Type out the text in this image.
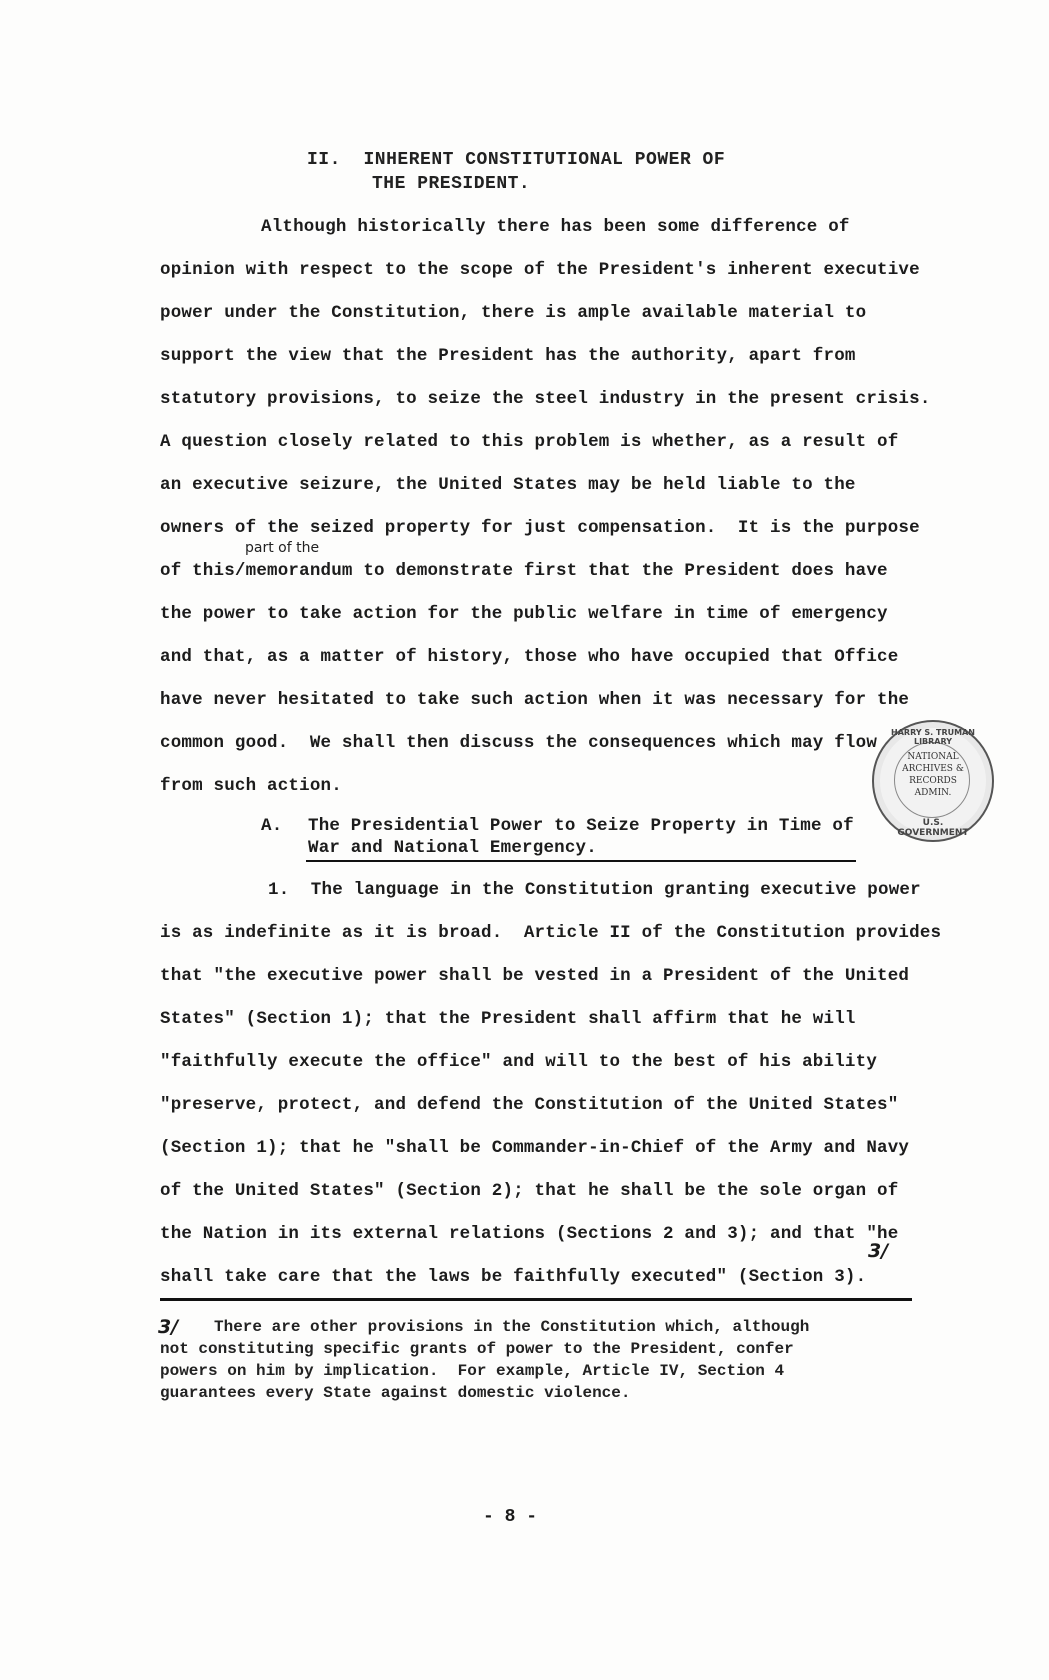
II.  INHERENT CONSTITUTIONAL POWER OF
THE PRESIDENT.
Although historically there has been some difference of
opinion with respect to the scope of the President's inherent executive
power under the Constitution, there is ample available material to
support the view that the President has the authority, apart from
statutory provisions, to seize the steel industry in the present crisis.
A question closely related to this problem is whether, as a result of
an executive seizure, the United States may be held liable to the
owners of the seized property for just compensation.  It is the purpose
part of the
of this/memorandum to demonstrate first that the President does have
the power to take action for the public welfare in time of emergency
and that, as a matter of history, those who have occupied that Office
have never hesitated to take such action when it was necessary for the
common good.  We shall then discuss the consequences which may flow
from such action.
A. The Presidential Power to Seize Property in Time of
War and National Emergency.
1.  The language in the Constitution granting executive power
is as indefinite as it is broad.  Article II of the Constitution provides
that "the executive power shall be vested in a President of the United
States" (Section 1); that the President shall affirm that he will
"faithfully execute the office" and will to the best of his ability
"preserve, protect, and defend the Constitution of the United States"
(Section 1); that he "shall be Commander-in-Chief of the Army and Navy
of the United States" (Section 2); that he shall be the sole organ of
the Nation in its external relations (Sections 2 and 3); and that "he
shall take care that the laws be faithfully executed" (Section 3).
3/
3/ There are other provisions in the Constitution which, although
not constituting specific grants of power to the President, confer
powers on him by implication.  For example, Article IV, Section 4
guarantees every State against domestic violence.
- 8 -
HARRY S. TRUMAN LIBRARY
NATIONAL
ARCHIVES &
RECORDS
ADMIN.
U.S. GOVERNMENT
